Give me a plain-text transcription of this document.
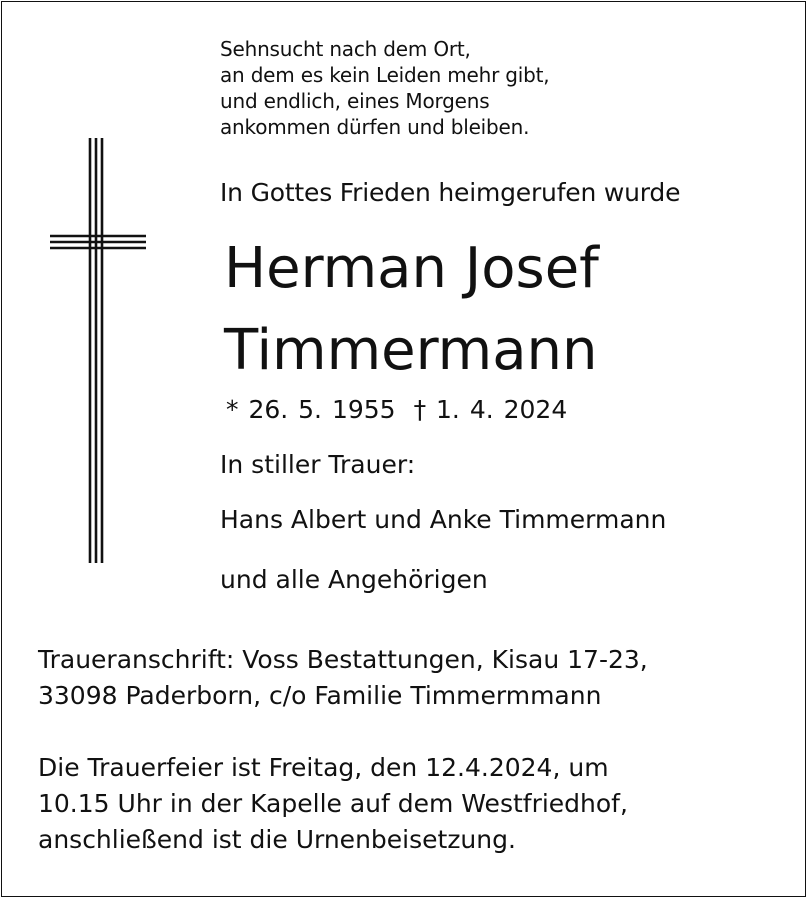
Sehnsucht nach dem Ort,
an dem es kein Leiden mehr gibt,
und endlich, eines Morgens
ankommen dürfen und bleiben.
In Gottes Frieden heimgerufen wurde
Herman Josef
Timmermann
* 26. 5. 1955 † 1. 4. 2024
In stiller Trauer:
Hans Albert und Anke Timmermann
und alle Angehörigen
Traueranschrift: Voss Bestattungen, Kisau 17-23,
33098 Paderborn, c/o Familie Timmermmann
Die Trauerfeier ist Freitag, den 12.4.2024, um
10.15 Uhr in der Kapelle auf dem Westfriedhof,
anschließend ist die Urnenbeisetzung.
